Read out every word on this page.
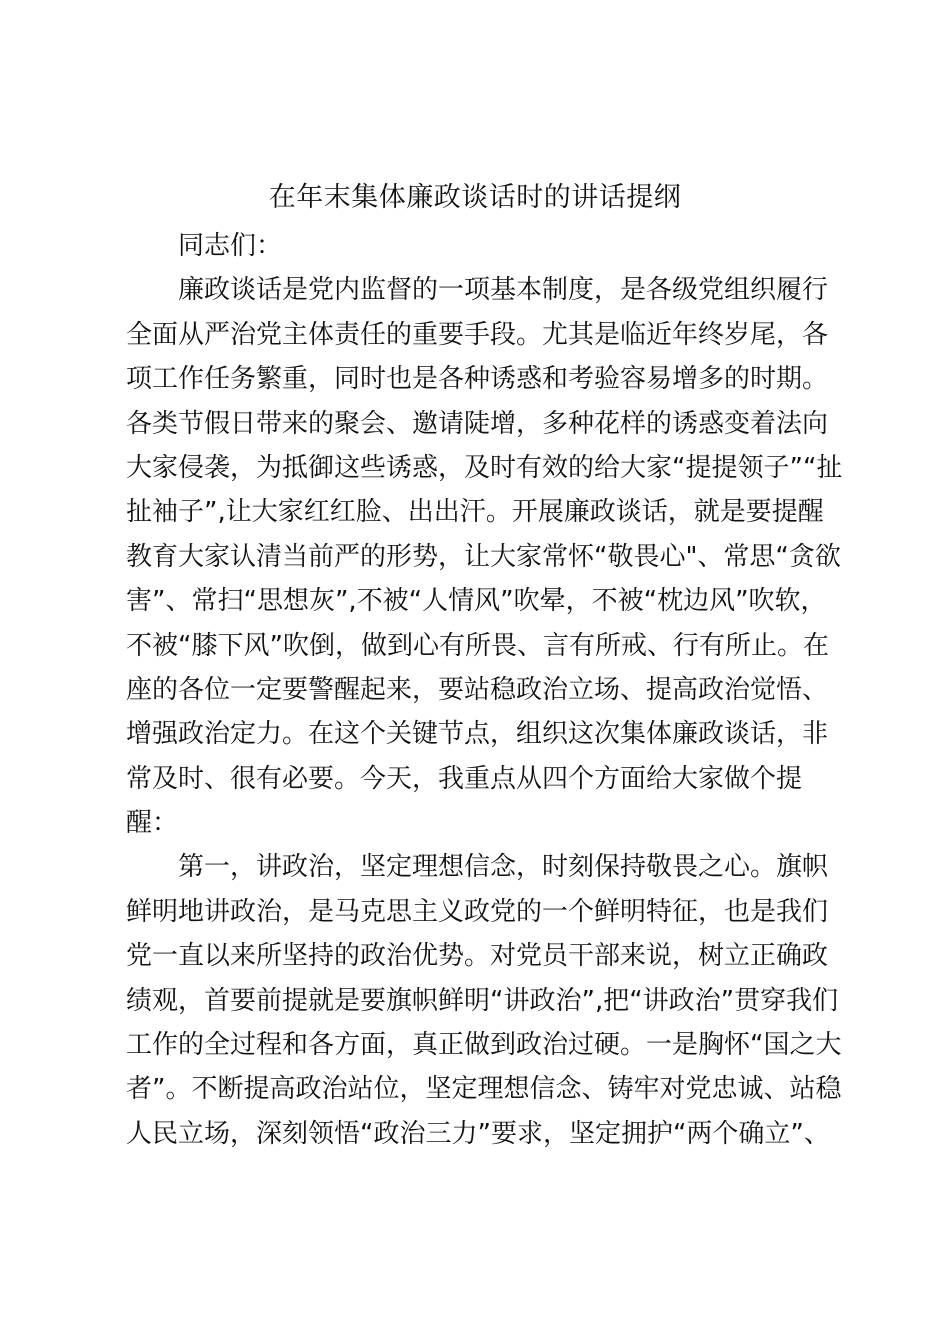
在年末集体廉政谈话时的讲话提纲
　　同志们：
　　廉政谈话是党内监督的一项基本制度，是各级党组织履行
全面从严治党主体责任的重要手段。尤其是临近年终岁尾，各
项工作任务繁重，同时也是各种诱惑和考验容易增多的时期。
各类节假日带来的聚会、邀请陡增，多种花样的诱惑变着法向
大家侵袭，为抵御这些诱惑，及时有效的给大家“提提领子”“扯
扯袖子”,让大家红红脸、出出汗。开展廉政谈话，就是要提醒
教育大家认清当前严的形势，让大家常怀“敬畏心"、常思“贪欲
害”、常扫“思想灰”,不被“人情风”吹晕，不被“枕边风”吹软，
不被“膝下风”吹倒，做到心有所畏、言有所戒、行有所止。在
座的各位一定要警醒起来，要站稳政治立场、提高政治觉悟、
增强政治定力。在这个关键节点，组织这次集体廉政谈话，非
常及时、很有必要。今天，我重点从四个方面给大家做个提
醒：
　　第一，讲政治，坚定理想信念，时刻保持敬畏之心。旗帜
鲜明地讲政治，是马克思主义政党的一个鲜明特征，也是我们
党一直以来所坚持的政治优势。对党员干部来说，树立正确政
绩观，首要前提就是要旗帜鲜明“讲政治”,把“讲政治”贯穿我们
工作的全过程和各方面，真正做到政治过硬。一是胸怀“国之大
者”。不断提高政治站位，坚定理想信念、铸牢对党忠诚、站稳
人民立场，深刻领悟“政治三力”要求，坚定拥护“两个确立”、
